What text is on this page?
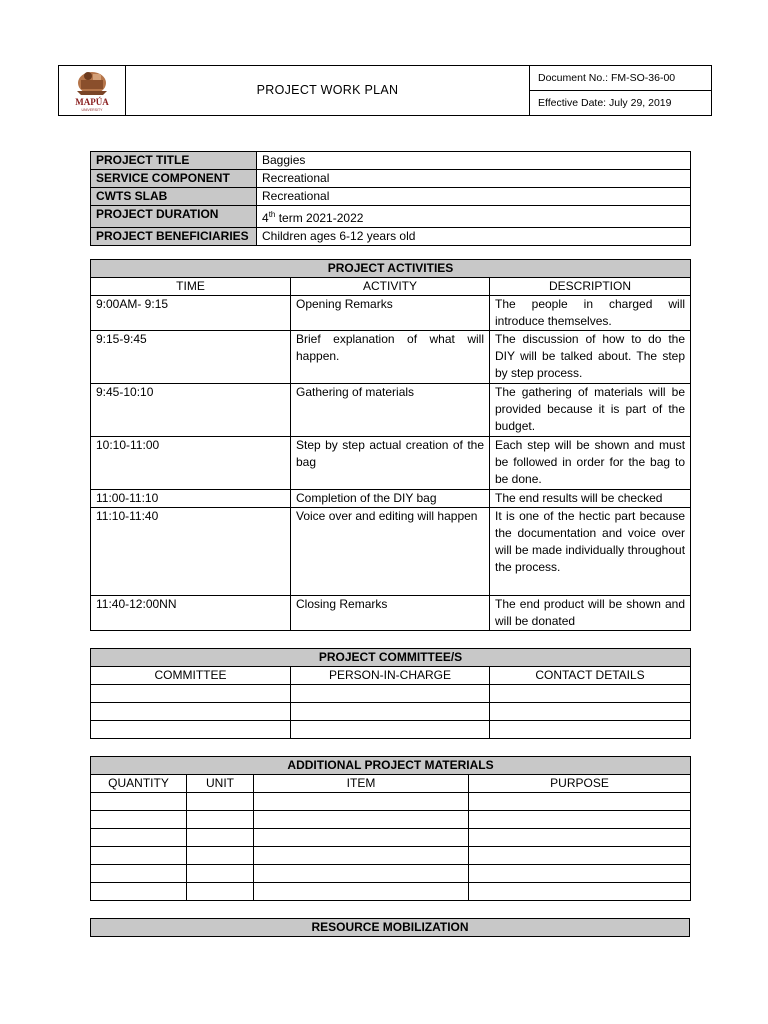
MAPÚA
UNIVERSITY
	PROJECT WORK PLAN	Document No.: FM-SO-36-00
Effective Date: July 29, 2019
PROJECT TITLE	Baggies
SERVICE COMPONENT	Recreational
CWTS SLAB	Recreational
PROJECT DURATION	4th term 2021-2022
PROJECT BENEFICIARIES	Children ages 6-12 years old
PROJECT ACTIVITIES		
TIME	ACTIVITY	DESCRIPTION
9:00AM- 9:15	Opening Remarks	The people in charged will introduce themselves.
9:15-9:45	Brief explanation of what will happen.	The discussion of how to do the DIY will be talked about. The step by step process.
9:45-10:10	Gathering of materials	The gathering of materials will be provided because it is part of the budget.
10:10-11:00	Step by step actual creation of the bag	Each step will be shown and must be followed in order for the bag to be done.
11:00-11:10	Completion of the DIY bag	The end results will be checked
11:10-11:40	Voice over and editing will happen	It is one of the hectic part because the documentation and voice over will be made individually throughout the process.
11:40-12:00NN	Closing Remarks	The end product will be shown and will be donated
PROJECT COMMITTEE/S		
COMMITTEE	PERSON-IN-CHARGE	CONTACT DETAILS

ADDITIONAL PROJECT MATERIALS			
QUANTITY	UNIT	ITEM	PURPOSE

RESOURCE MOBILIZATION
